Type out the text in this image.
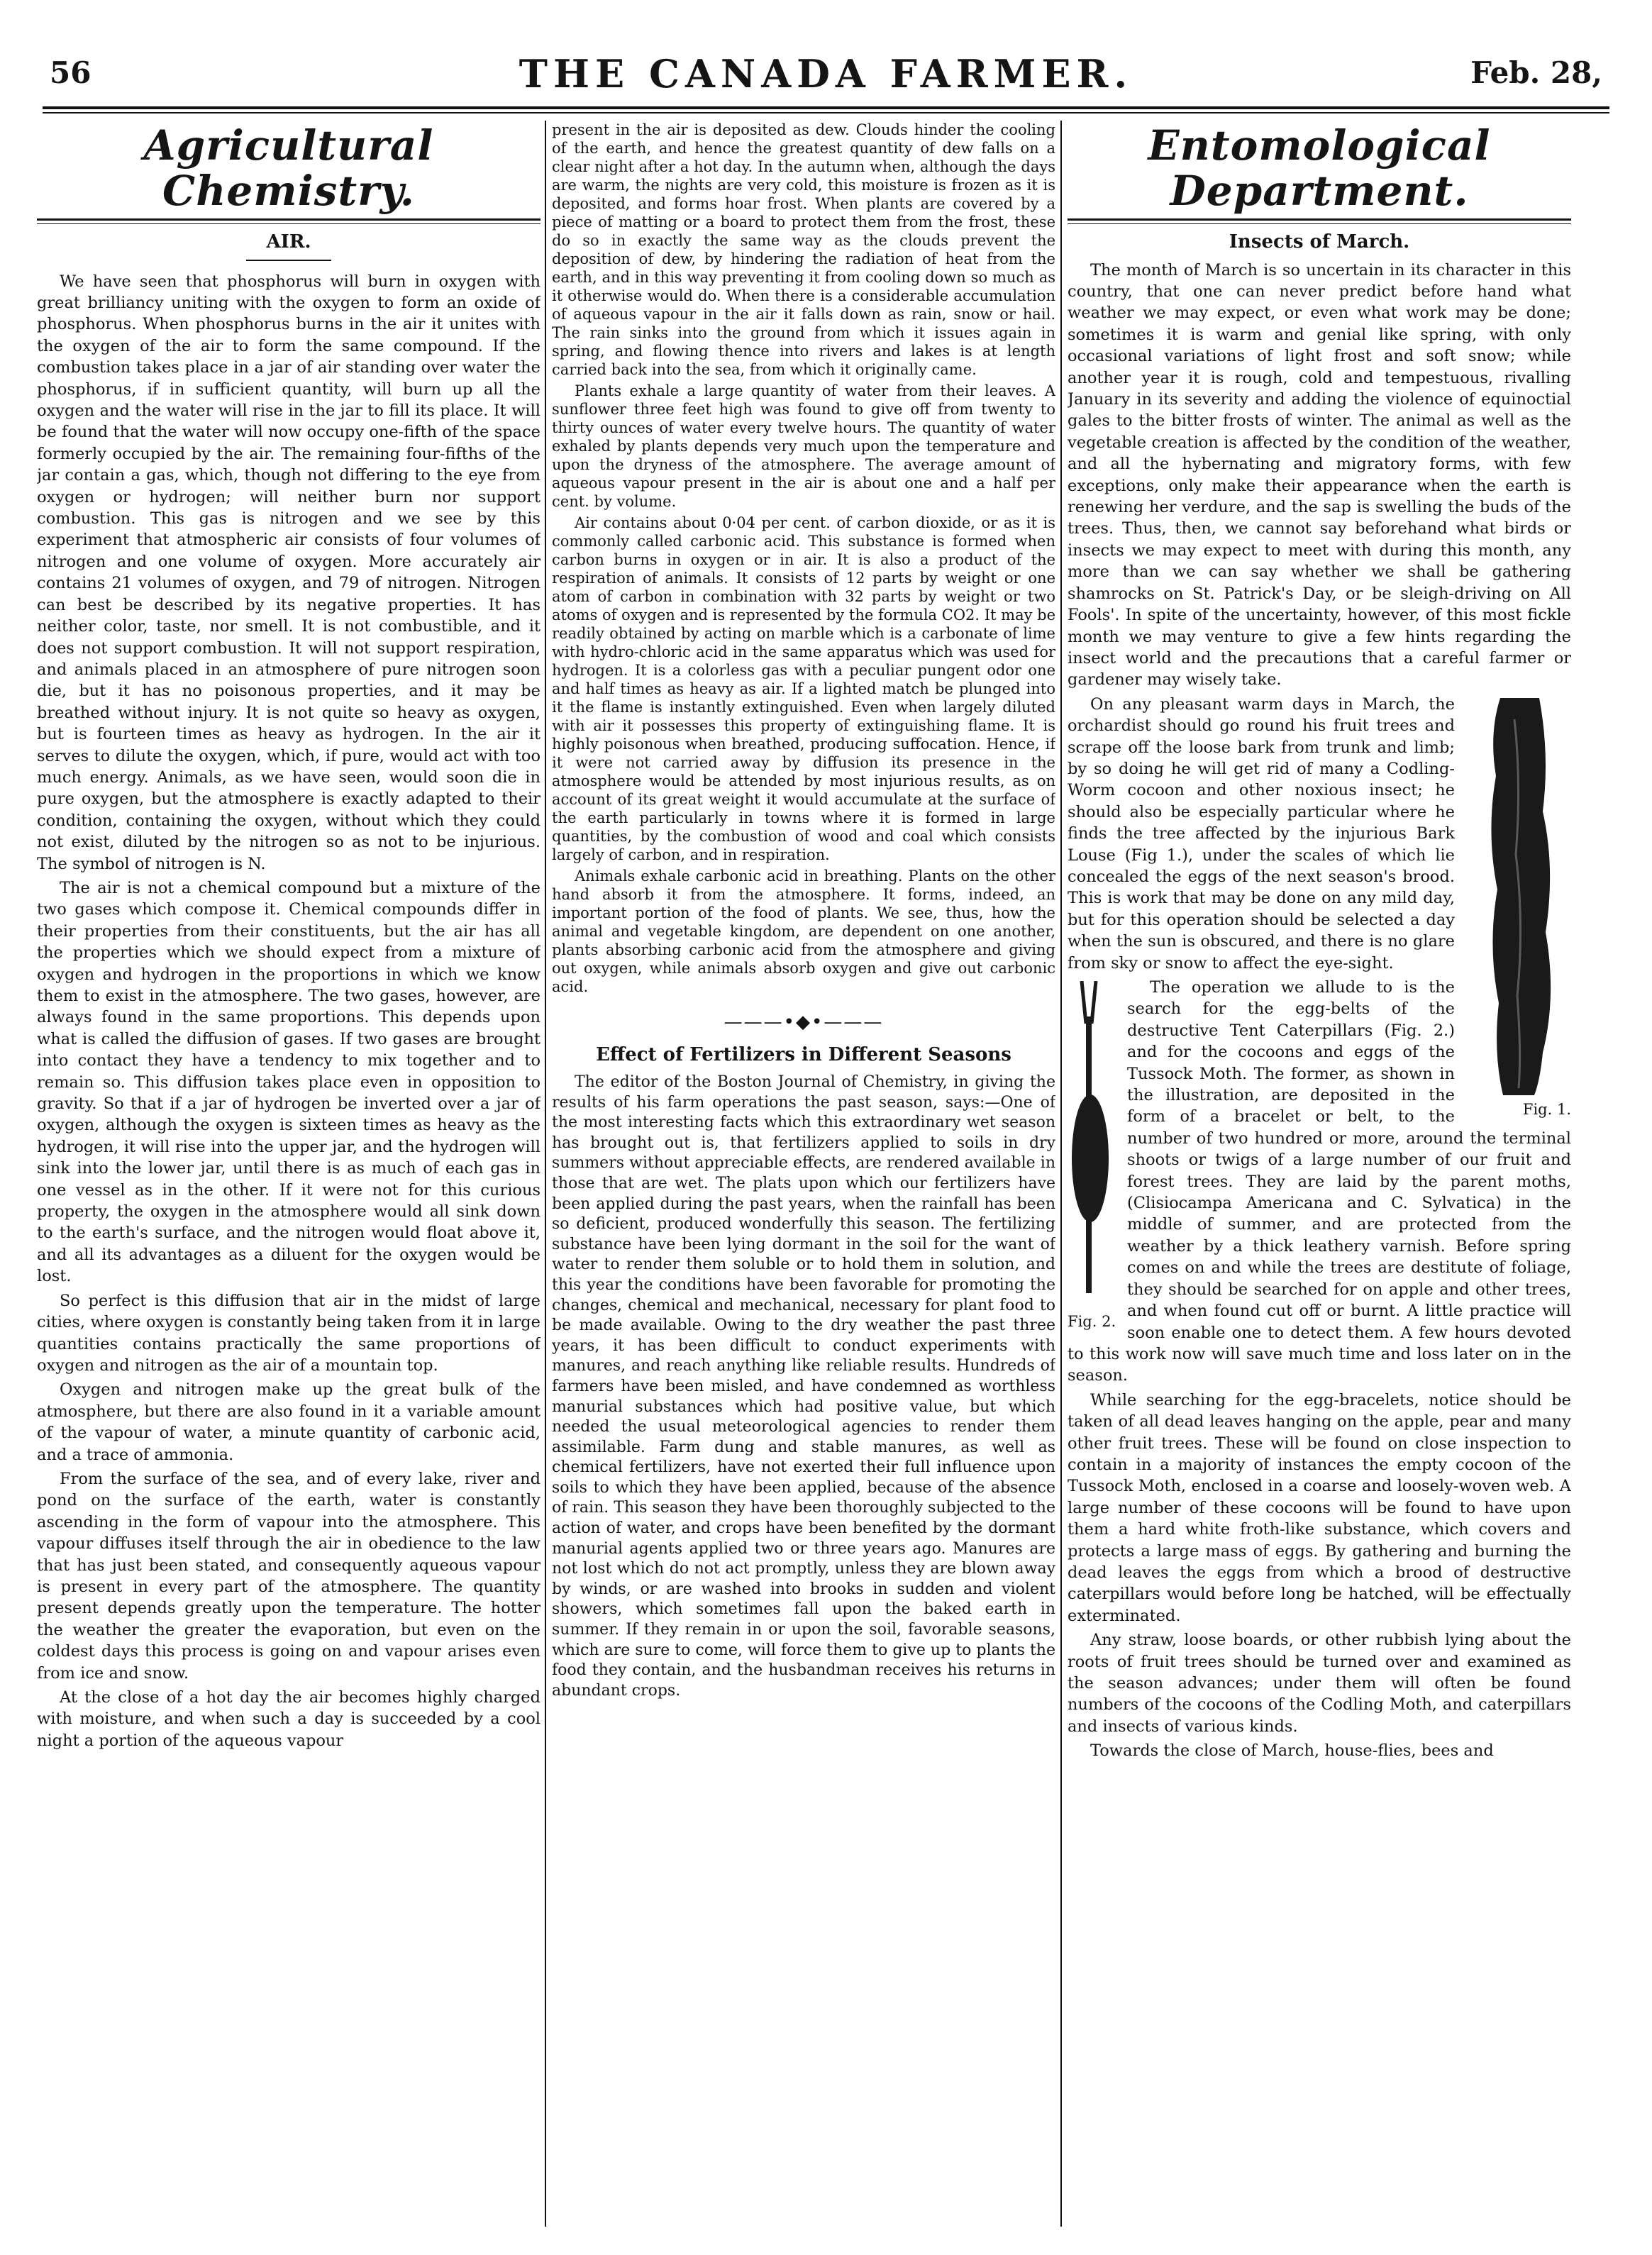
56	THE CANADA FARMER.	Feb. 28,
Agricultural Chemistry.
AIR.

We have seen that phosphorus will burn in oxygen with great brilliancy uniting with the oxygen to form an oxide of phosphorus. When phosphorus burns in the air it unites with the oxygen of the air to form the same compound. If the combustion takes place in a jar of air standing over water the phosphorus, if in sufficient quantity, will burn up all the oxygen and the water will rise in the jar to fill its place. It will be found that the water will now occupy one-fifth of the space formerly occupied by the air. The remaining four-fifths of the jar contain a gas, which, though not differing to the eye from oxygen or hydrogen; will neither burn nor support combustion. This gas is nitrogen and we see by this experiment that atmospheric air consists of four volumes of nitrogen and one volume of oxygen. More accurately air contains 21 volumes of oxygen, and 79 of nitrogen. Nitrogen can best be described by its negative properties. It has neither color, taste, nor smell. It is not combustible, and it does not support combustion. It will not support respiration, and animals placed in an atmosphere of pure nitrogen soon die, but it has no poisonous properties, and it may be breathed without injury. It is not quite so heavy as oxygen, but is fourteen times as heavy as hydrogen. In the air it serves to dilute the oxygen, which, if pure, would act with too much energy. Animals, as we have seen, would soon die in pure oxygen, but the atmosphere is exactly adapted to their condition, containing the oxygen, without which they could not exist, diluted by the nitrogen so as not to be injurious. The symbol of nitrogen is N.

The air is not a chemical compound but a mixture of the two gases which compose it. Chemical compounds differ in their properties from their constituents, but the air has all the properties which we should expect from a mixture of oxygen and hydrogen in the proportions in which we know them to exist in the atmosphere. The two gases, however, are always found in the same proportions. This depends upon what is called the diffusion of gases. If two gases are brought into contact they have a tendency to mix together and to remain so. This diffusion takes place even in opposition to gravity. So that if a jar of hydrogen be inverted over a jar of oxygen, although the oxygen is sixteen times as heavy as the hydrogen, it will rise into the upper jar, and the hydrogen will sink into the lower jar, until there is as much of each gas in one vessel as in the other. If it were not for this curious property, the oxygen in the atmosphere would all sink down to the earth's surface, and the nitrogen would float above it, and all its advantages as a diluent for the oxygen would be lost.

So perfect is this diffusion that air in the midst of large cities, where oxygen is constantly being taken from it in large quantities contains practically the same proportions of oxygen and nitrogen as the air of a mountain top.

Oxygen and nitrogen make up the great bulk of the atmosphere, but there are also found in it a variable amount of the vapour of water, a minute quantity of carbonic acid, and a trace of ammonia.

From the surface of the sea, and of every lake, river and pond on the surface of the earth, water is constantly ascending in the form of vapour into the atmosphere. This vapour diffuses itself through the air in obedience to the law that has just been stated, and consequently aqueous vapour is present in every part of the atmosphere. The quantity present depends greatly upon the temperature. The hotter the weather the greater the evaporation, but even on the coldest days this process is going on and vapour arises even from ice and snow.

At the close of a hot day the air becomes highly charged with moisture, and when such a day is succeeded by a cool night a portion of the aqueous vapour

present in the air is deposited as dew. Clouds hinder the cooling of the earth, and hence the greatest quantity of dew falls on a clear night after a hot day. In the autumn when, although the days are warm, the nights are very cold, this moisture is frozen as it is deposited, and forms hoar frost. When plants are covered by a piece of matting or a board to protect them from the frost, these do so in exactly the same way as the clouds prevent the deposition of dew, by hindering the radiation of heat from the earth, and in this way preventing it from cooling down so much as it otherwise would do. When there is a considerable accumulation of aqueous vapour in the air it falls down as rain, snow or hail. The rain sinks into the ground from which it issues again in spring, and flowing thence into rivers and lakes is at length carried back into the sea, from which it originally came.

Plants exhale a large quantity of water from their leaves. A sunflower three feet high was found to give off from twenty to thirty ounces of water every twelve hours. The quantity of water exhaled by plants depends very much upon the temperature and upon the dryness of the atmosphere. The average amount of aqueous vapour present in the air is about one and a half per cent. by volume.

Air contains about 0·04 per cent. of carbon dioxide, or as it is commonly called carbonic acid. This substance is formed when carbon burns in oxygen or in air. It is also a product of the respiration of animals. It consists of 12 parts by weight or one atom of carbon in combination with 32 parts by weight or two atoms of oxygen and is represented by the formula CO2. It may be readily obtained by acting on marble which is a carbonate of lime with hydro-chloric acid in the same apparatus which was used for hydrogen. It is a colorless gas with a peculiar pungent odor one and half times as heavy as air. If a lighted match be plunged into it the flame is instantly extinguished. Even when largely diluted with air it possesses this property of extinguishing flame. It is highly poisonous when breathed, producing suffocation. Hence, if it were not carried away by diffusion its presence in the atmosphere would be attended by most injurious results, as on account of its great weight it would accumulate at the surface of the earth particularly in towns where it is formed in large quantities, by the combustion of wood and coal which consists largely of carbon, and in respiration.

Animals exhale carbonic acid in breathing. Plants on the other hand absorb it from the atmosphere. It forms, indeed, an important portion of the food of plants. We see, thus, how the animal and vegetable kingdom, are dependent on one another, plants absorbing carbonic acid from the atmosphere and giving out oxygen, while animals absorb oxygen and give out carbonic acid.

———•◆•———
Effect of Fertilizers in Different Seasons

The editor of the Boston Journal of Chemistry, in giving the results of his farm operations the past season, says:—One of the most interesting facts which this extraordinary wet season has brought out is, that fertilizers applied to soils in dry summers without appreciable effects, are rendered available in those that are wet. The plats upon which our fertilizers have been applied during the past years, when the rainfall has been so deficient, produced wonderfully this season. The fertilizing substance have been lying dormant in the soil for the want of water to render them soluble or to hold them in solution, and this year the conditions have been favorable for promoting the changes, chemical and mechanical, necessary for plant food to be made available. Owing to the dry weather the past three years, it has been difficult to conduct experiments with manures, and reach anything like reliable results. Hundreds of farmers have been misled, and have condemned as worthless manurial substances which had positive value, but which needed the usual meteorological agencies to render them assimilable. Farm dung and stable manures, as well as chemical fertilizers, have not exerted their full influence upon soils to which they have been applied, because of the absence of rain. This season they have been thoroughly subjected to the action of water, and crops have been benefited by the dormant manurial agents applied two or three years ago. Manures are not lost which do not act promptly, unless they are blown away by winds, or are washed into brooks in sudden and violent showers, which sometimes fall upon the baked earth in summer. If they remain in or upon the soil, favorable seasons, which are sure to come, will force them to give up to plants the food they contain, and the husbandman receives his returns in abundant crops.

Entomological Department.
Insects of March.

The month of March is so uncertain in its character in this country, that one can never predict before hand what weather we may expect, or even what work may be done; sometimes it is warm and genial like spring, with only occasional variations of light frost and soft snow; while another year it is rough, cold and tempestuous, rivalling January in its severity and adding the violence of equinoctial gales to the bitter frosts of winter. The animal as well as the vegetable creation is affected by the condition of the weather, and all the hybernating and migratory forms, with few exceptions, only make their appearance when the earth is renewing her verdure, and the sap is swelling the buds of the trees. Thus, then, we cannot say beforehand what birds or insects we may expect to meet with during this month, any more than we can say whether we shall be gathering shamrocks on St. Patrick's Day, or be sleigh-driving on All Fools'. In spite of the uncertainty, however, of this most fickle month we may venture to give a few hints regarding the insect world and the precautions that a careful farmer or gardener may wisely take.

Fig. 1.

On any pleasant warm days in March, the orchardist should go round his fruit trees and scrape off the loose bark from trunk and limb; by so doing he will get rid of many a Codling-Worm cocoon and other noxious insect; he should also be especially particular where he finds the tree affected by the injurious Bark Louse (Fig 1.), under the scales of which lie concealed the eggs of the next season's brood. This is work that may be done on any mild day, but for this operation should be selected a day when the sun is obscured, and there is no glare from sky or snow to affect the eye-sight.

Fig. 2.

The operation we allude to is the search for the egg-belts of the destructive Tent Caterpillars (Fig. 2.) and for the cocoons and eggs of the Tussock Moth. The former, as shown in the illustration, are deposited in the form of a bracelet or belt, to the number of two hundred or more, around the terminal shoots or twigs of a large number of our fruit and forest trees. They are laid by the parent moths, (Clisiocampa Americana and C. Sylvatica) in the middle of summer, and are protected from the weather by a thick leathery varnish. Before spring comes on and while the trees are destitute of foliage, they should be searched for on apple and other trees, and when found cut off or burnt. A little practice will soon enable one to detect them. A few hours devoted to this work now will save much time and loss later on in the season.

While searching for the egg-bracelets, notice should be taken of all dead leaves hanging on the apple, pear and many other fruit trees. These will be found on close inspection to contain in a majority of instances the empty cocoon of the Tussock Moth, enclosed in a coarse and loosely-woven web. A large number of these cocoons will be found to have upon them a hard white froth-like substance, which covers and protects a large mass of eggs. By gathering and burning the dead leaves the eggs from which a brood of destructive caterpillars would before long be hatched, will be effectually exterminated.

Any straw, loose boards, or other rubbish lying about the roots of fruit trees should be turned over and examined as the season advances; under them will often be found numbers of the cocoons of the Codling Moth, and caterpillars and insects of various kinds.

Towards the close of March, house-flies, bees and
